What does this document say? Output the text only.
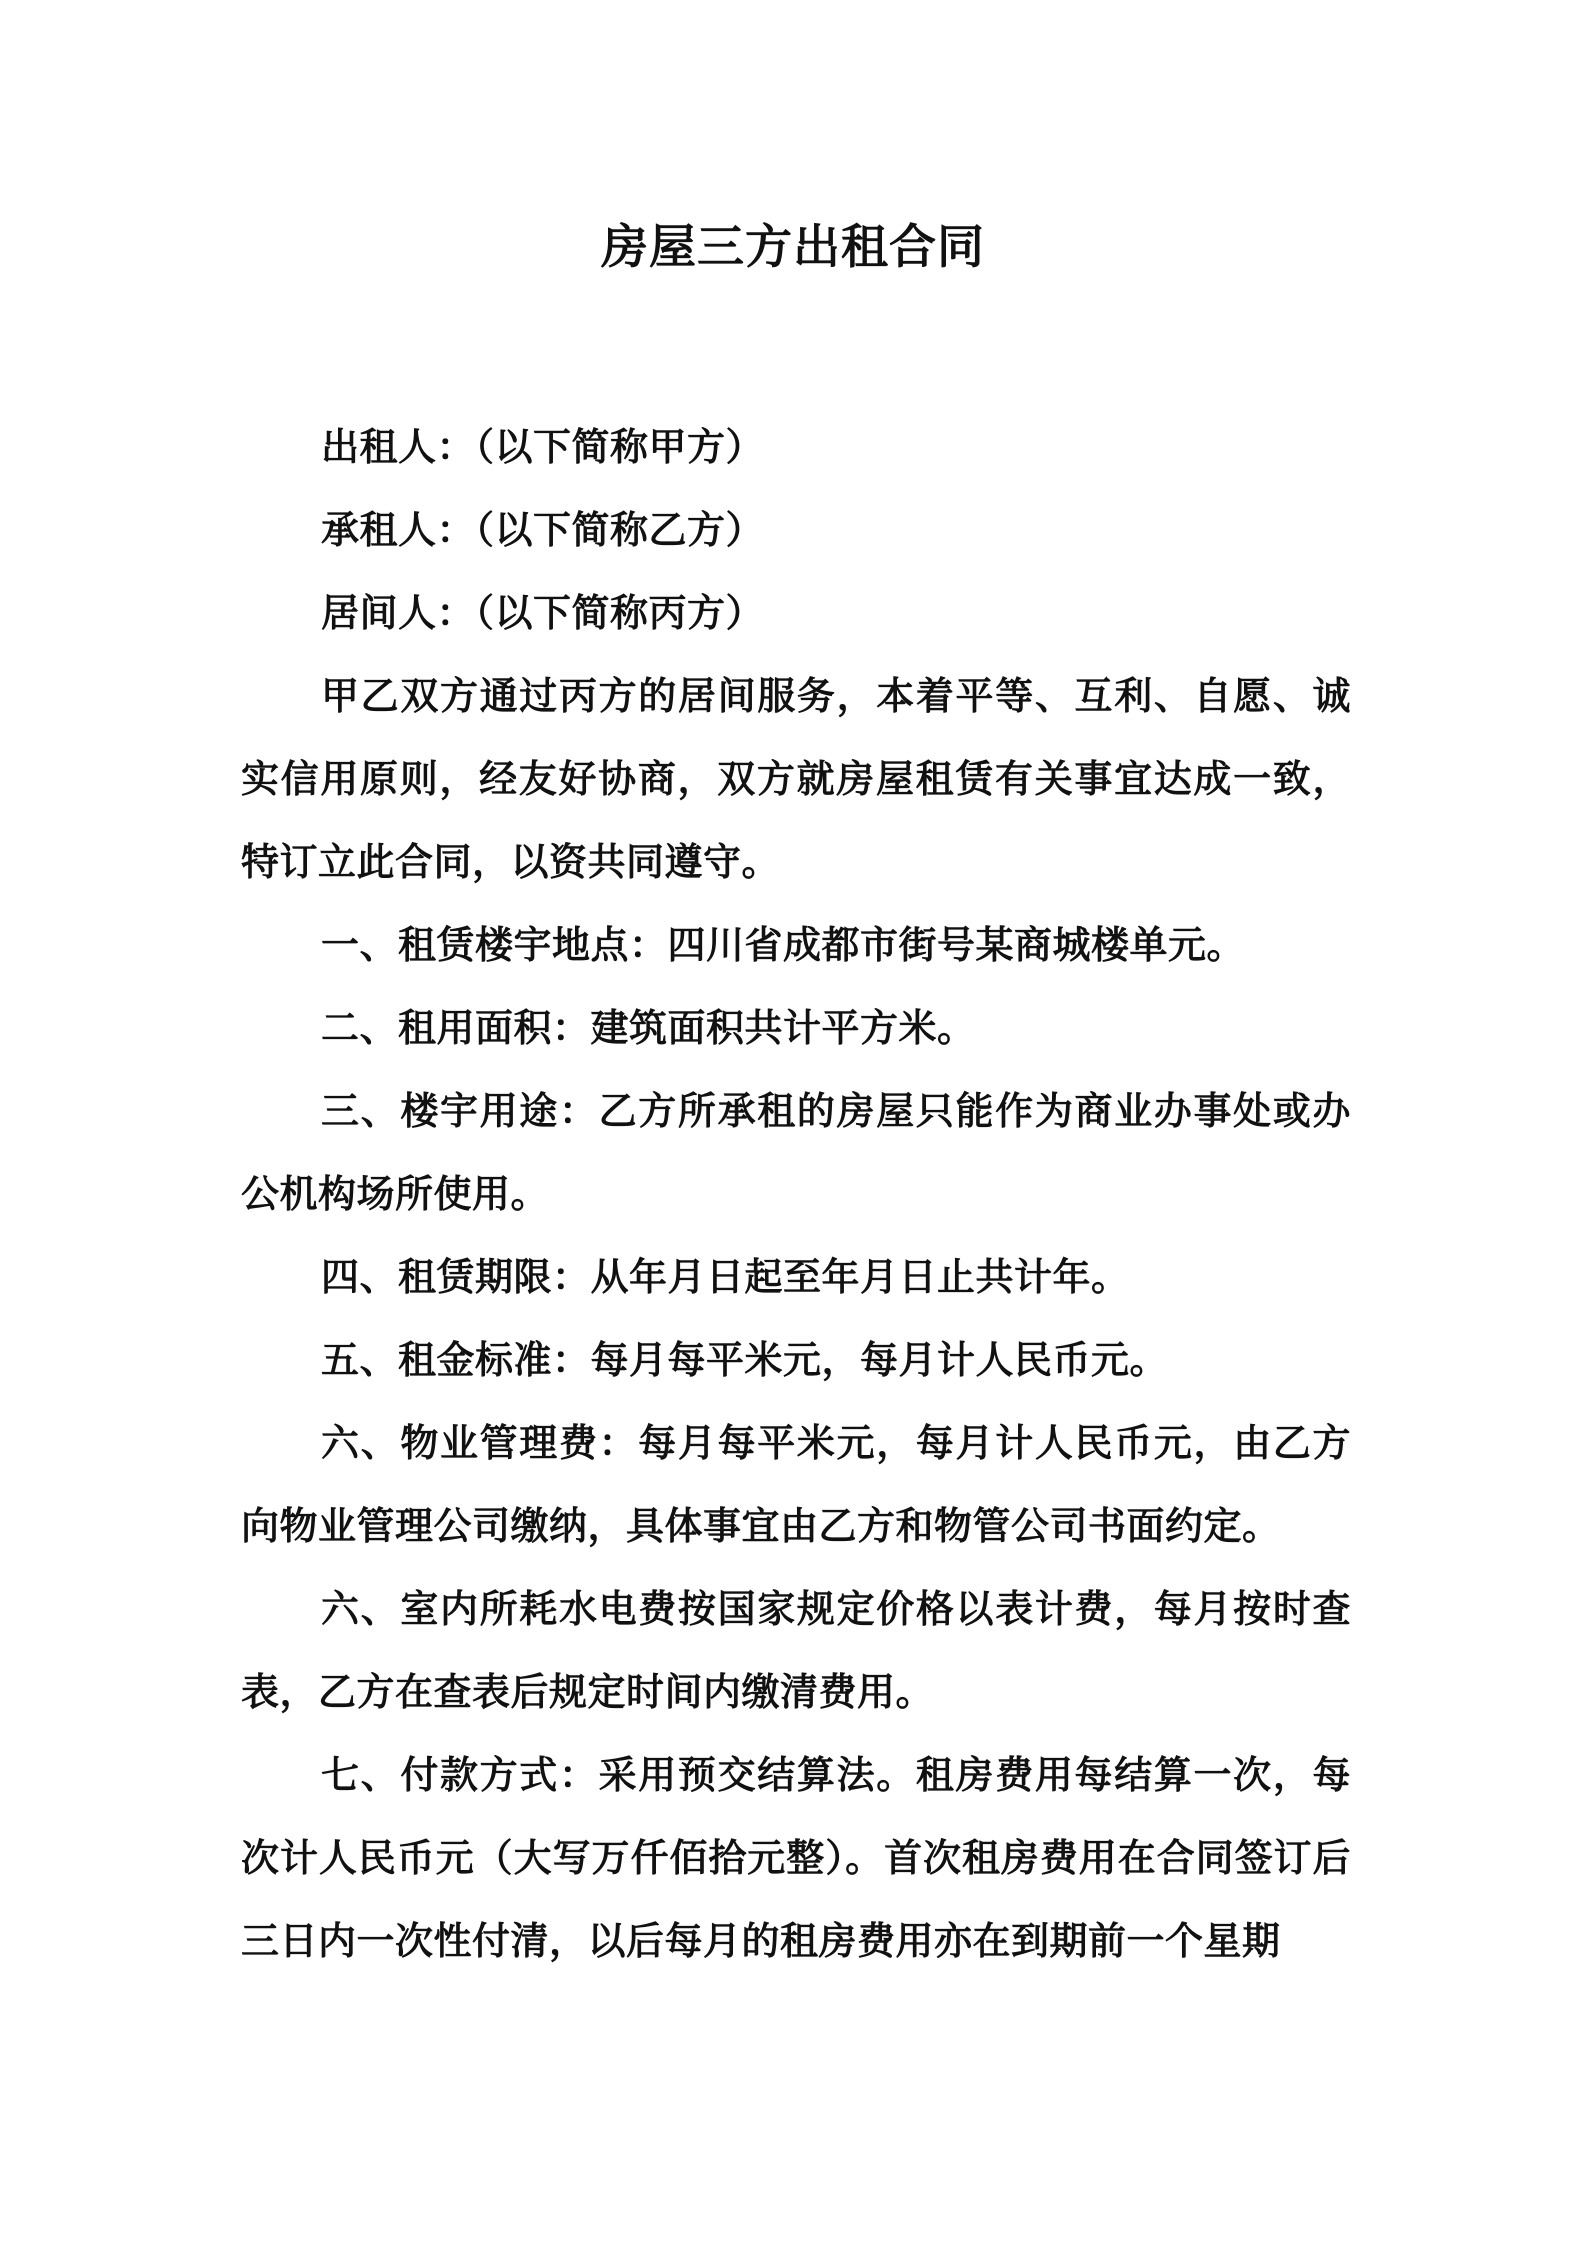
房屋三方出租合同

出租人：（以下简称甲方）

承租人：（以下简称乙方）

居间人：（以下简称丙方）

甲乙双方通过丙方的居间服务，本着平等、互利、自愿、诚实信用原则，经友好协商，双方就房屋租赁有关事宜达成一致，特订立此合同，以资共同遵守。

一、租赁楼宇地点：四川省成都市街号某商城楼单元。

二、租用面积：建筑面积共计平方米。

三、楼宇用途：乙方所承租的房屋只能作为商业办事处或办公机构场所使用。

四、租赁期限：从年月日起至年月日止共计年。

五、租金标准：每月每平米元，每月计人民币元。

六、物业管理费：每月每平米元，每月计人民币元，由乙方向物业管理公司缴纳，具体事宜由乙方和物管公司书面约定。

六、室内所耗水电费按国家规定价格以表计费，每月按时查表，乙方在查表后规定时间内缴清费用。

七、付款方式：采用预交结算法。租房费用每结算一次，每次计人民币元（大写万仟佰拾元整）。首次租房费用在合同签订后三日内一次性付清，以后每月的租房费用亦在到期前一个星期
